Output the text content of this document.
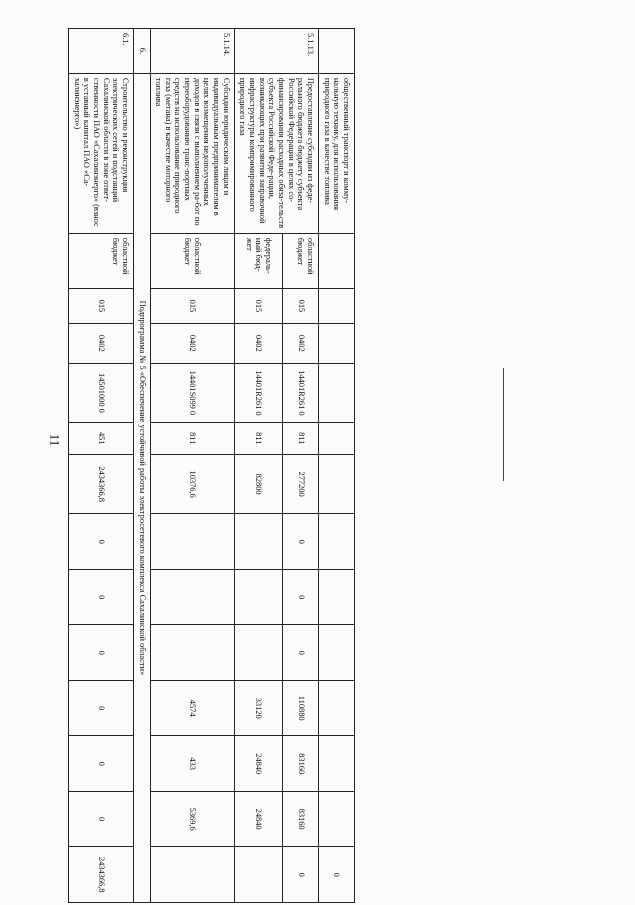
11
	общественный транспорт и комму-нальную технику, для использования природного газа в качестве топлива													0
5.1.13.	Предоставление субсидии из феде-рального бюджета бюджету субъекта Российской Федерации в целях со-финансирования расходных обяза-тельств субъекта Российской Феде-рации, возникающих при развитии заправочной инфраструктуры компримированного природного газа	областной бюджет	015	0402	14401R261 0	811	277200	0	0	0	110880	83160	83160	0
		федераль-ный бюд-жет	015	0402	14401R261 0	811	82800				33120	24840	24840	
5.1.14.	Субсидии юридическим лицам и индивидуальным предпринимателям в целях возмещения недополученных доходов в связи с выполнением ра-бот по переоборудованию транс-портных средств на использование природного газа (метана) в качестве моторного топлива	областной бюджет	015	0402	14401S099 0	811	10376,6				4574	433	5369,6	
6.	Подпрограмма № 5 «Обеспечение устойчивой работы электросетевого комплекса Сахалинской области»													
6.1.	Строительство и реконструкция электрических сетей и подстанций Сахалинской области в зоне ответ-ственности ПАО «Сахалинэнерго» (взнос в уставный капитал ПАО «Са-халинэнерго»)	областной бюджет	015	0402	14501000 0	451	2434366,8	0	0	0	0	0	0	2434366,8
